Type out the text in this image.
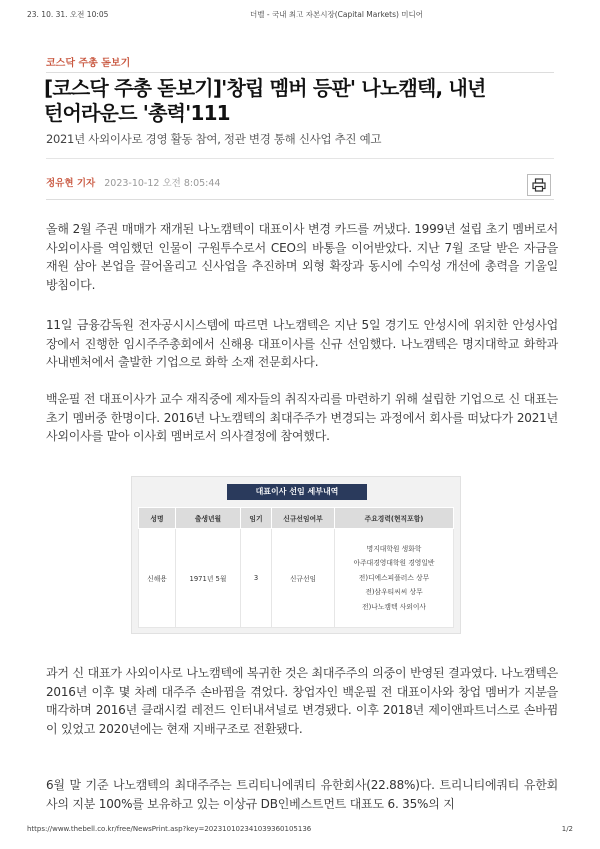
23. 10. 31. 오전 10:05	더벨 - 국내 최고 자본시장(Capital Markets) 미디어
코스닥 주총 돋보기
[코스닥 주총 돋보기]'창립 멤버 등판' 나노캠텍, 내년
턴어라운드 '총력'111
2021년 사외이사로 경영 활동 참여, 정관 변경 통해 신사업 추진 예고
정유현 기자 2023-10-12 오전 8:05:44

올해 2월 주권 매매가 재개된 나노캠텍이 대표이사 변경 카드를 꺼냈다. 1999년 설립 초기 멤버로서 사외이사를 역임했던 인물이 구원투수로서 CEO의 바통을 이어받았다. 지난 7월 조달 받은 자금을 재원 삼아 본업을 끌어올리고 신사업을 추진하며 외형 확장과 동시에 수익성 개선에 총력을 기울일 방침이다.

11일 금융감독원 전자공시시스템에 따르면 나노캠텍은 지난 5일 경기도 안성시에 위치한 안성사업장에서 진행한 임시주주총회에서 신해용 대표이사를 신규 선임했다. 나노캠텍은 명지대학교 화학과 사내벤처에서 출발한 기업으로 화학 소재 전문회사다.

백운필 전 대표이사가 교수 재직중에 제자들의 취직자리를 마련하기 위해 설립한 기업으로 신 대표는 초기 멤버중 한명이다. 2016년 나노캠텍의 최대주주가 변경되는 과정에서 회사를 떠났다가 2021년 사외이사를 맡아 이사회 멤버로서 의사결정에 참여했다.

대표이사 선임 세부내역
성명	출생년월	임기	신규선임여부	주요경력(현직포함)
신해용	1971년 5월	3	신규선임	명지대학원 생화학
아주대경영대학원 경영일반
전)디에스피플러스 상무
전)삼우티씨씨 상무
전)나노캠텍 사외이사

과거 신 대표가 사외이사로 나노캠텍에 복귀한 것은 최대주주의 의중이 반영된 결과였다. 나노캠텍은 2016년 이후 몇 차례 대주주 손바뀜을 겪었다. 창업자인 백운필 전 대표이사와 창업 멤버가 지분을 매각하며 2016년 클래시컬 레전드 인터내셔널로 변경됐다. 이후 2018년 제이앤파트너스로 손바뀜이 있었고 2020년에는 현재 지배구조로 전환됐다.

6월 말 기준 나노캠텍의 최대주주는 트리티니에쿼티 유한회사(22.88%)다. 트리니티에쿼티 유한회사의 지분 100%를 보유하고 있는 이상규 DB인베스트먼트 대표도 6. 35%의 지

https://www.thebell.co.kr/free/NewsPrint.asp?key=202310102341039360105136	1/2
